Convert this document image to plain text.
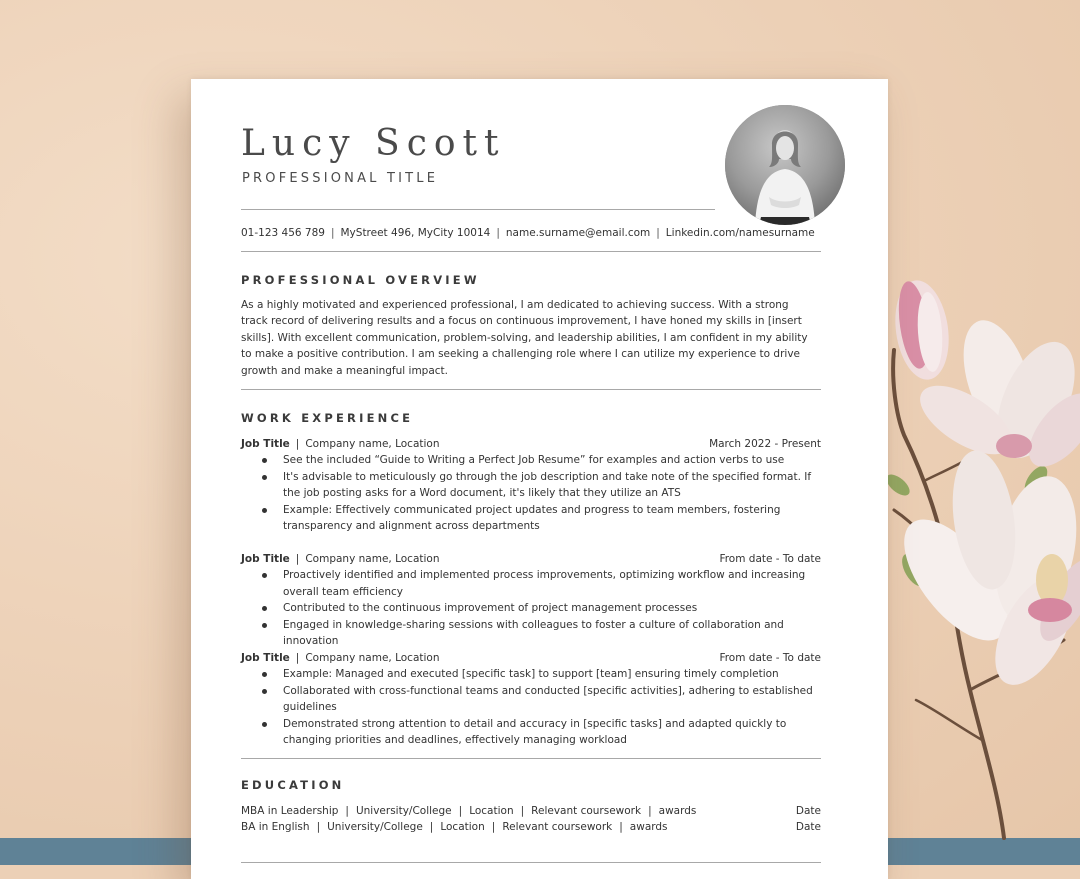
Lucy Scott
PROFESSIONAL TITLE
01-123 456 789 | MyStreet 496, MyCity 10014 | name.surname@email.com | Linkedin.com/namesurname
PROFESSIONAL OVERVIEW
As a highly motivated and experienced professional, I am dedicated to achieving success. With a strong track record of delivering results and a focus on continuous improvement, I have honed my skills in [insert skills]. With excellent communication, problem-solving, and leadership abilities, I am confident in my ability to make a positive contribution. I am seeking a challenging role where I can utilize my experience to drive growth and make a meaningful impact.
WORK EXPERIENCE
Job Title | Company name, Location	March 2022 - Present
See the included “Guide to Writing a Perfect Job Resume” for examples and action verbs to use
It's advisable to meticulously go through the job description and take note of the specified format. If the job posting asks for a Word document, it's likely that they utilize an ATS
Example: Effectively communicated project updates and progress to team members, fostering transparency and alignment across departments
Job Title | Company name, Location	From date - To date
Proactively identified and implemented process improvements, optimizing workflow and increasing overall team efficiency
Contributed to the continuous improvement of project management processes
Engaged in knowledge-sharing sessions with colleagues to foster a culture of collaboration and innovation
Job Title | Company name, Location	From date - To date
Example: Managed and executed [specific task] to support [team] ensuring timely completion
Collaborated with cross-functional teams and conducted [specific activities], adhering to established guidelines
Demonstrated strong attention to detail and accuracy in [specific tasks] and adapted quickly to changing priorities and deadlines, effectively managing workload
EDUCATION
MBA in Leadership | University/College | Location | Relevant coursework | awards	Date
BA in English | University/College | Location | Relevant coursework | awards	Date
